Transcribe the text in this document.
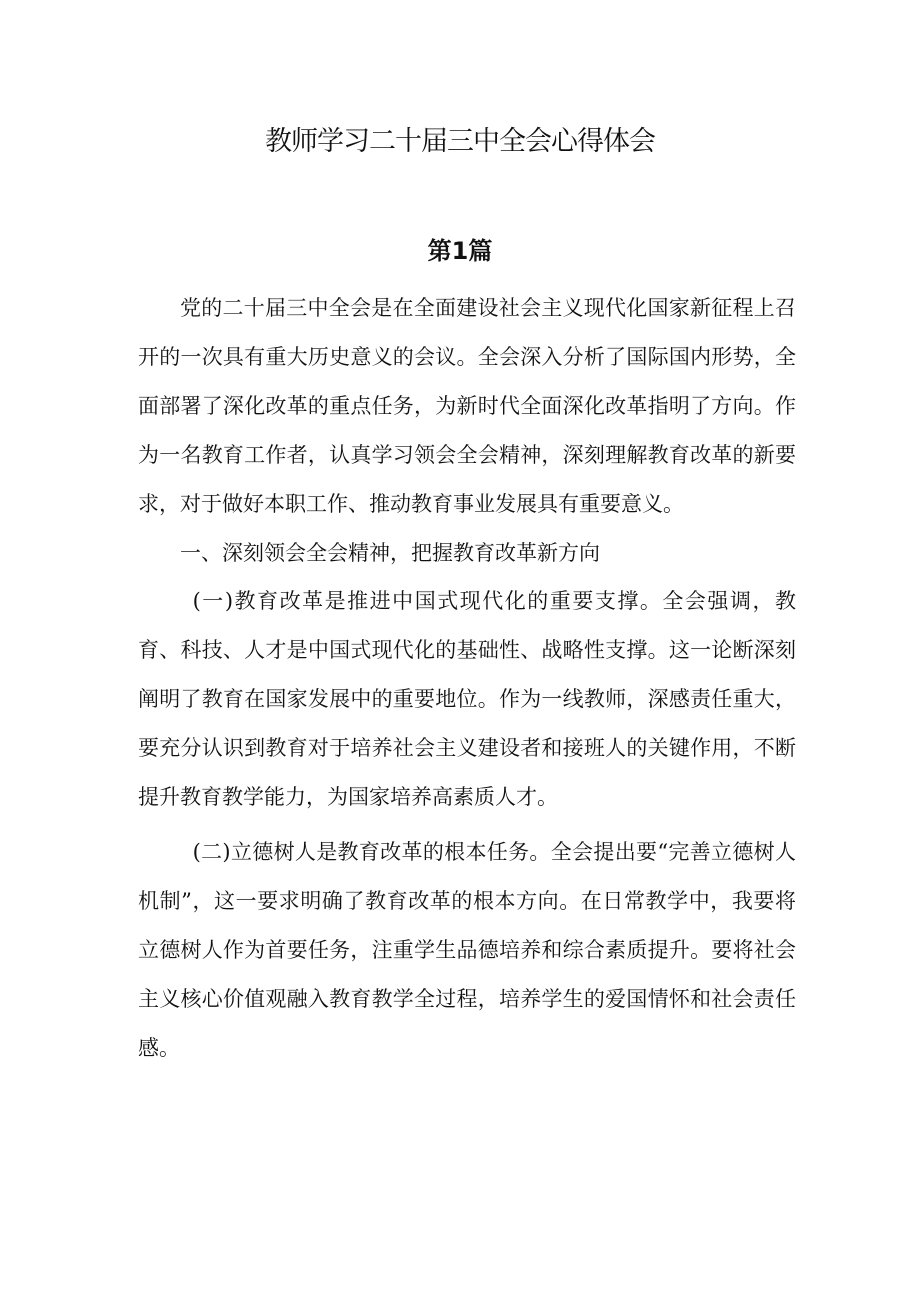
教师学习二十届三中全会心得体会
第1篇

党的二十届三中全会是在全面建设社会主义现代化国家新征程上召开的一次具有重大历史意义的会议。全会深入分析了国际国内形势，全面部署了深化改革的重点任务，为新时代全面深化改革指明了方向。作为一名教育工作者，认真学习领会全会精神，深刻理解教育改革的新要求，对于做好本职工作、推动教育事业发展具有重要意义。

一、深刻领会全会精神，把握教育改革新方向

(一)教育改革是推进中国式现代化的重要支撑。全会强调，教育、科技、人才是中国式现代化的基础性、战略性支撑。这一论断深刻阐明了教育在国家发展中的重要地位。作为一线教师，深感责任重大，要充分认识到教育对于培养社会主义建设者和接班人的关键作用，不断提升教育教学能力，为国家培养高素质人才。

(二)立德树人是教育改革的根本任务。全会提出要“完善立德树人机制”，这一要求明确了教育改革的根本方向。在日常教学中，我要将立德树人作为首要任务，注重学生品德培养和综合素质提升。要将社会主义核心价值观融入教育教学全过程，培养学生的爱国情怀和社会责任感。
